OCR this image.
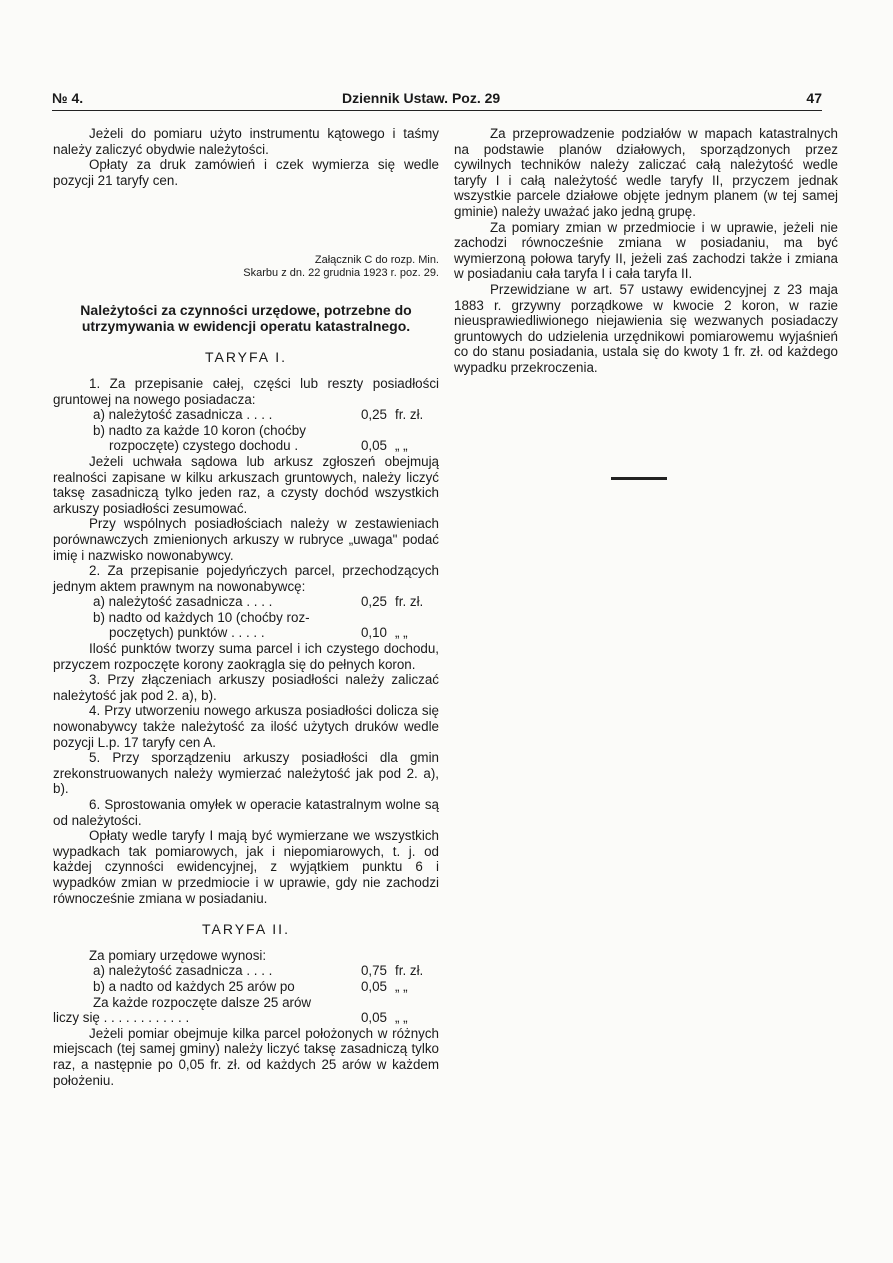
№ 4.	Dziennik Ustaw. Poz. 29	47

Jeżeli do pomiaru użyto instrumentu kątowego i taśmy należy zaliczyć obydwie należytości.

Opłaty za druk zamówień i czek wymierza się wedle pozycji 21 taryfy cen.

Załącznik C do rozp. Min.
Skarbu z dn. 22 grudnia 1923 r. poz. 29.
Należytości za czynności urzędowe, potrzebne do utrzymywania w ewidencji operatu katastralnego.
TARYFA I.

1. Za przepisanie całej, części lub reszty posiadłości gruntowej na nowego posiadacza:

a) należytość zasadnicza . . . .	0,25 fr. zł.
b) nadto za każde 10 koron (choćby
rozpoczęte) czystego dochodu .	0,05 „ „

Jeżeli uchwała sądowa lub arkusz zgłoszeń obejmują realności zapisane w kilku arkuszach gruntowych, należy liczyć taksę zasadniczą tylko jeden raz, a czysty dochód wszystkich arkuszy posiadłości zesumować.

Przy wspólnych posiadłościach należy w zestawieniach porównawczych zmienionych arkuszy w rubryce „uwaga" podać imię i nazwisko nowonabywcy.

2. Za przepisanie pojedyńczych parcel, przechodzących jednym aktem prawnym na nowonabywcę:

a) należytość zasadnicza . . . .	0,25 fr. zł.
b) nadto od każdych 10 (choćby roz-
poczętych) punktów . . . . .	0,10 „ „

Ilość punktów tworzy suma parcel i ich czystego dochodu, przyczem rozpoczęte korony zaokrągla się do pełnych koron.

3. Przy złączeniach arkuszy posiadłości należy zaliczać należytość jak pod 2. a), b).

4. Przy utworzeniu nowego arkusza posiadłości dolicza się nowonabywcy także należytość za ilość użytych druków wedle pozycji L.p. 17 taryfy cen A.

5. Przy sporządzeniu arkuszy posiadłości dla gmin zrekonstruowanych należy wymierzać należytość jak pod 2. a), b).

6. Sprostowania omyłek w operacie katastralnym wolne są od należytości.

Opłaty wedle taryfy I mają być wymierzane we wszystkich wypadkach tak pomiarowych, jak i niepomiarowych, t. j. od każdej czynności ewidencyjnej, z wyjątkiem punktu 6 i wypadków zmian w przedmiocie i w uprawie, gdy nie zachodzi równocześnie zmiana w posiadaniu.

TARYFA II.

Za pomiary urzędowe wynosi:

a) należytość zasadnicza . . . .	0,75 fr. zł.
b) a nadto od każdych 25 arów po	0,05 „ „
Za każde rozpoczęte dalsze 25 arów
liczy się . . . . . . . . . . . .	0,05 „ „

Jeżeli pomiar obejmuje kilka parcel położonych w różnych miejscach (tej samej gminy) należy liczyć taksę zasadniczą tylko raz, a następnie po 0,05 fr. zł. od każdych 25 arów w każdem położeniu.

Za przeprowadzenie podziałów w mapach katastralnych na podstawie planów działowych, sporządzonych przez cywilnych techników należy zaliczać całą należytość wedle taryfy I i całą należytość wedle taryfy II, przyczem jednak wszystkie parcele działowe objęte jednym planem (w tej samej gminie) należy uważać jako jedną grupę.

Za pomiary zmian w przedmiocie i w uprawie, jeżeli nie zachodzi równocześnie zmiana w posiadaniu, ma być wymierzoną połowa taryfy II, jeżeli zaś zachodzi także i zmiana w posiadaniu cała taryfa I i cała taryfa II.

Przewidziane w art. 57 ustawy ewidencyjnej z 23 maja 1883 r. grzywny porządkowe w kwocie 2 koron, w razie nieusprawiedliwionego niejawienia się wezwanych posiadaczy gruntowych do udzielenia urzędnikowi pomiarowemu wyjaśnień co do stanu posiadania, ustala się do kwoty 1 fr. zł. od każdego wypadku przekroczenia.
